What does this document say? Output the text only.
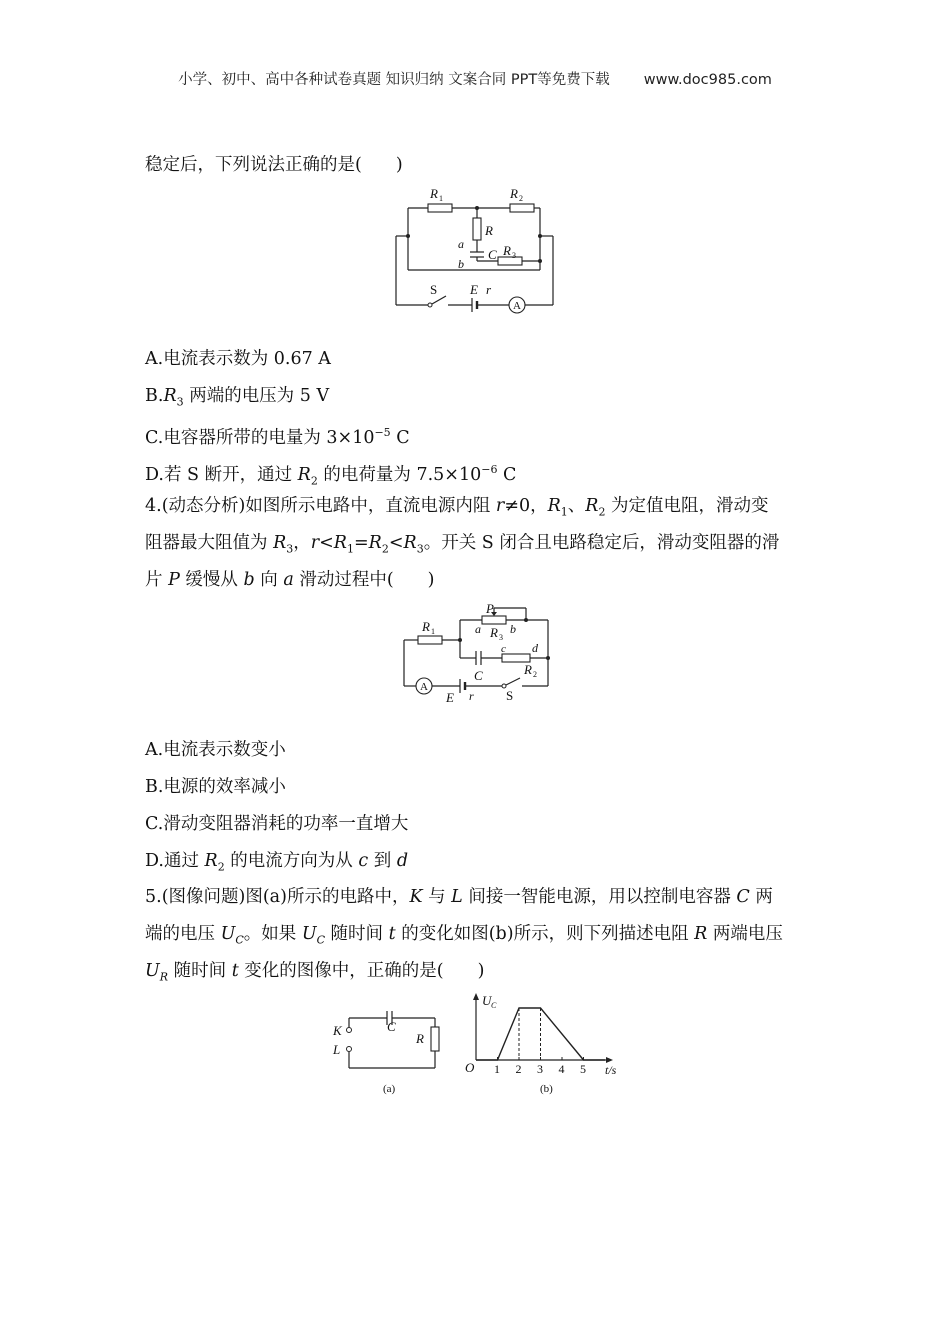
小学、初中、高中各种试卷真题 知识归纳 文案合同 PPT等免费下载 www.doc985.com
稳定后，下列说法正确的是( )
R 1	R 2
R
a
b
C R 3
S	E r
A
A.电流表示数为 0.67 A
$B.R_3$ 两端的电压为 5 V
C.电容器所带的电量为 $3\times 10^{-5}$ C
D.若 S 断开，通过 $R_2$ 的电荷量为 $7.5\times 10^{-6}$ C
4.(动态分析)如图所示电路中，直流电源内阻 r≠0，$R_1$、$R_2$ 为定值电阻，滑动变
阻器最大阻值为 $R_3$，$r<R_1=R_2<R_3$。开关 S 闭合且电路稳定后，滑动变阻器的滑
片 P 缓慢从 b 向 a 滑动过程中( )
R 1
P
a R 3
b
c d
C	R 2
A
E r S
A.电流表示数变小
B.电源的效率减小
C.滑动变阻器消耗的功率一直增大
D.通过 $R_2$ 的电流方向为从 c 到 d
5.(图像问题)图(a)所示的电路中，K 与 L 间接一智能电源，用以控制电容器 C 两
端的电压 $U_C$。如果 $U_C$ 随时间 t 的变化如图(b)所示，则下列描述电阻 R 两端电压
$U_R$ 随时间 t 变化的图像中，正确的是( )
K
L
C
R
(a)
U C
O	t/s
(b)
1 2 3 4 5
